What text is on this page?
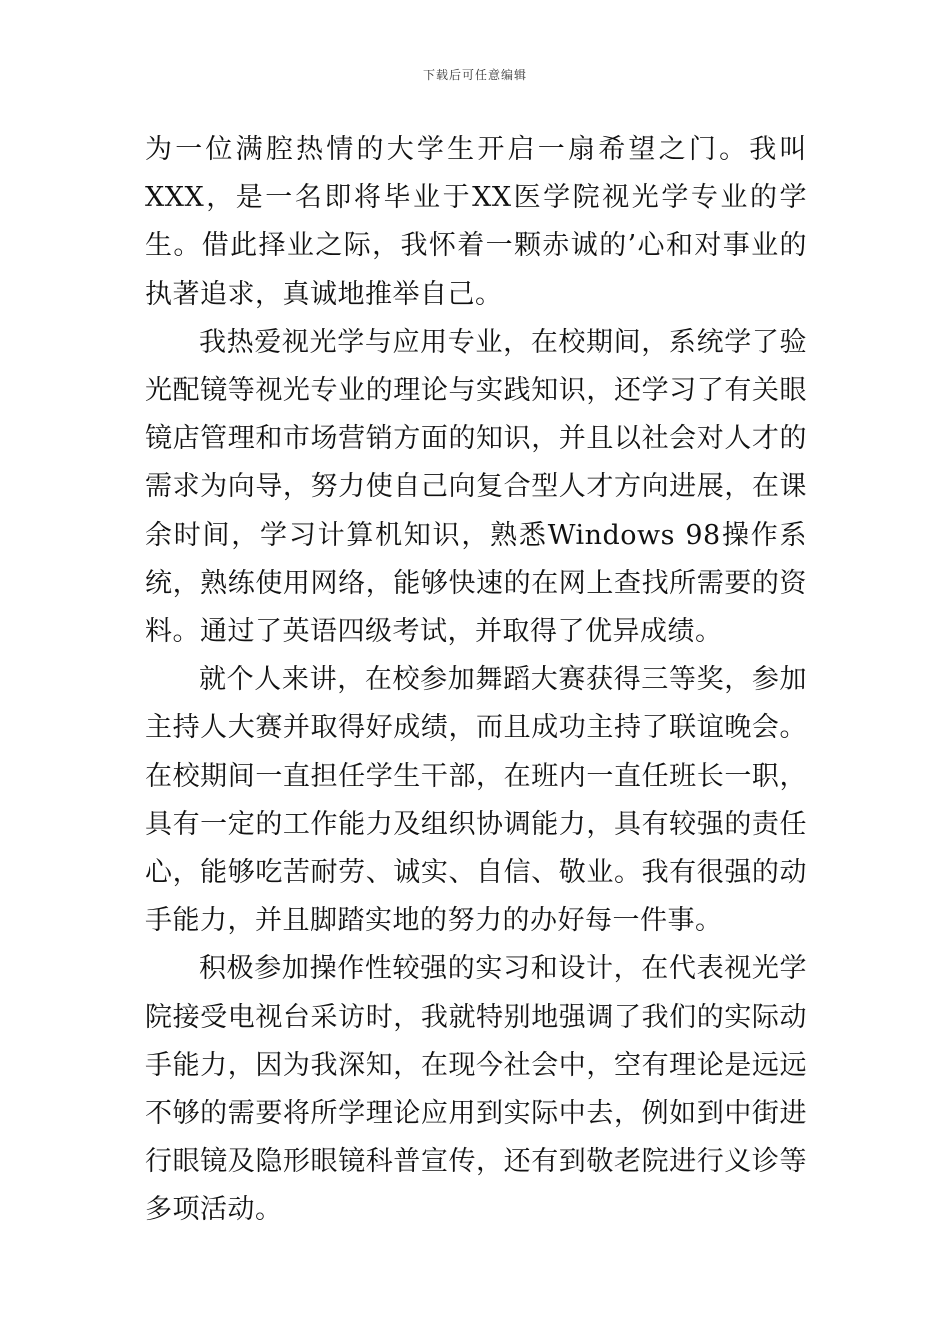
下载后可任意编辑

为一位满腔热情的大学生开启一扇希望之门。我叫XXX，是一名即将毕业于XX医学院视光学专业的学生。借此择业之际，我怀着一颗赤诚的’心和对事业的执著追求，真诚地推举自己。

我热爱视光学与应用专业，在校期间，系统学了验光配镜等视光专业的理论与实践知识，还学习了有关眼镜店管理和市场营销方面的知识，并且以社会对人才的需求为向导，努力使自己向复合型人才方向进展，在课余时间，学习计算机知识，熟悉Windows 98操作系统，熟练使用网络，能够快速的在网上查找所需要的资料。通过了英语四级考试，并取得了优异成绩。

就个人来讲，在校参加舞蹈大赛获得三等奖，参加主持人大赛并取得好成绩，而且成功主持了联谊晚会。在校期间一直担任学生干部，在班内一直任班长一职，具有一定的工作能力及组织协调能力，具有较强的责任心，能够吃苦耐劳、诚实、自信、敬业。我有很强的动手能力，并且脚踏实地的努力的办好每一件事。

积极参加操作性较强的实习和设计，在代表视光学院接受电视台采访时，我就特别地强调了我们的实际动手能力，因为我深知，在现今社会中，空有理论是远远不够的需要将所学理论应用到实际中去，例如到中街进行眼镜及隐形眼镜科普宣传，还有到敬老院进行义诊等多项活动。
